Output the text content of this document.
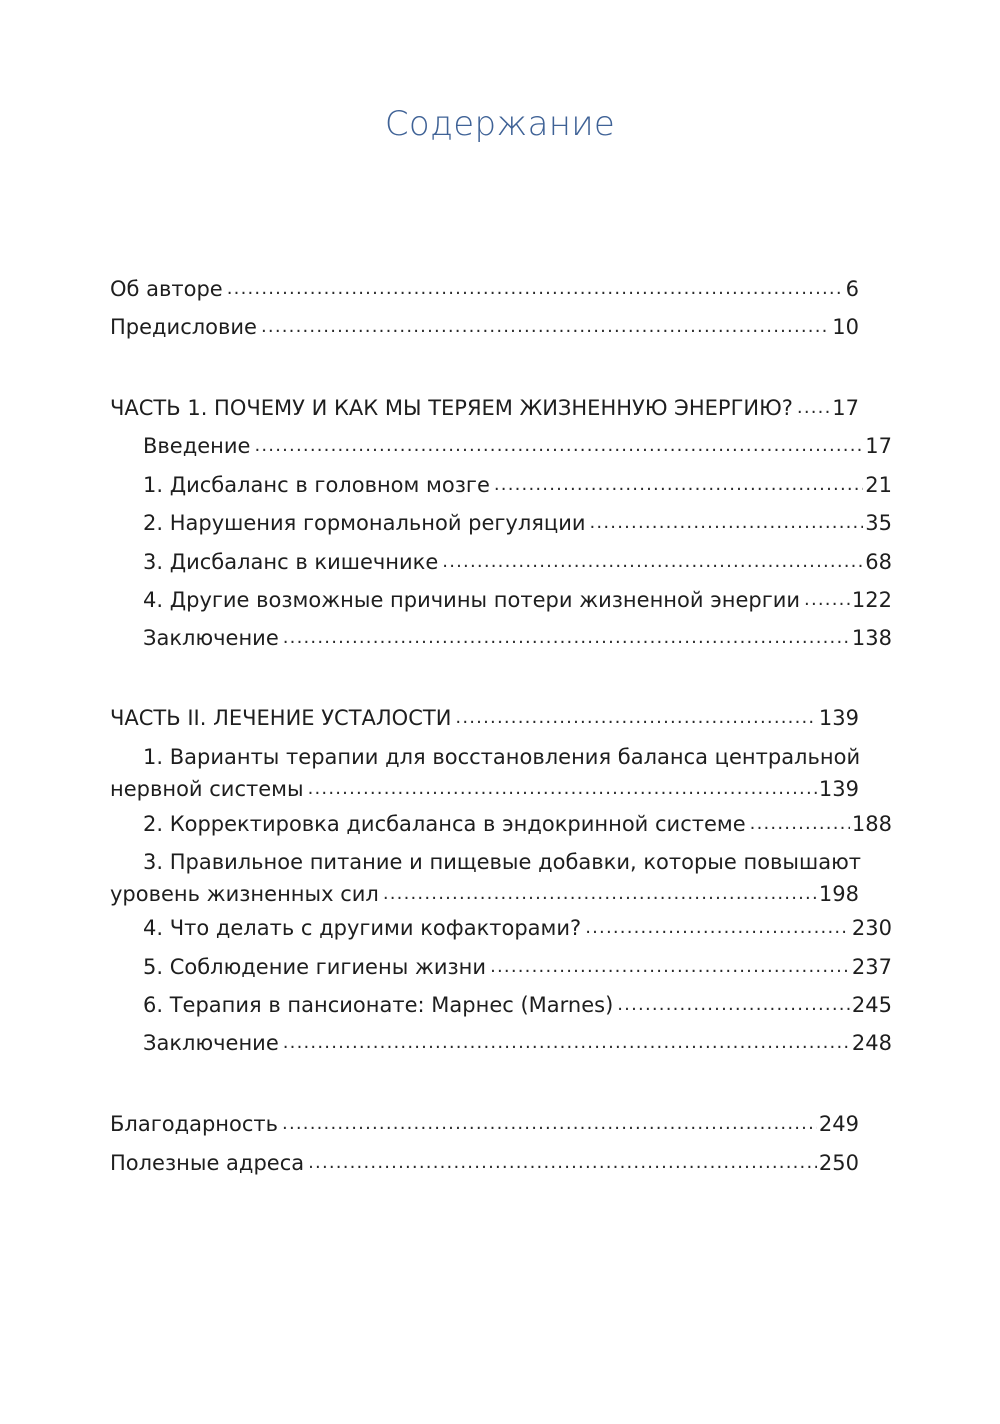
Содержание
Об авторе .....	6
Предисловие .....	10
ЧАСТЬ 1. ПОЧЕМУ И КАК МЫ ТЕРЯЕМ ЖИЗНЕННУЮ ЭНЕРГИЮ? ..... 17
Введение .....	17
1. Дисбаланс в головном мозге .....	21
2. Нарушения гормональной регуляции .....	35
3. Дисбаланс в кишечнике .....	68
4. Другие возможные причины потери жизненной энергии ..... 122
Заключение .....	138
ЧАСТЬ II. ЛЕЧЕНИЕ УСТАЛОСТИ .....	139
1. Варианты терапии для восстановления баланса центральной
нервной системы .....	139
2. Корректировка дисбаланса в эндокринной системе .....	188
3. Правильное питание и пищевые добавки, которые повышают
уровень жизненных сил .....	198
4. Что делать с другими кофакторами? .....	230
5. Соблюдение гигиены жизни .....	237
6. Терапия в пансионате: Марнес (Marnes) .....	245
Заключение .....	248
Благодарность .....	249
Полезные адреса .....	250
